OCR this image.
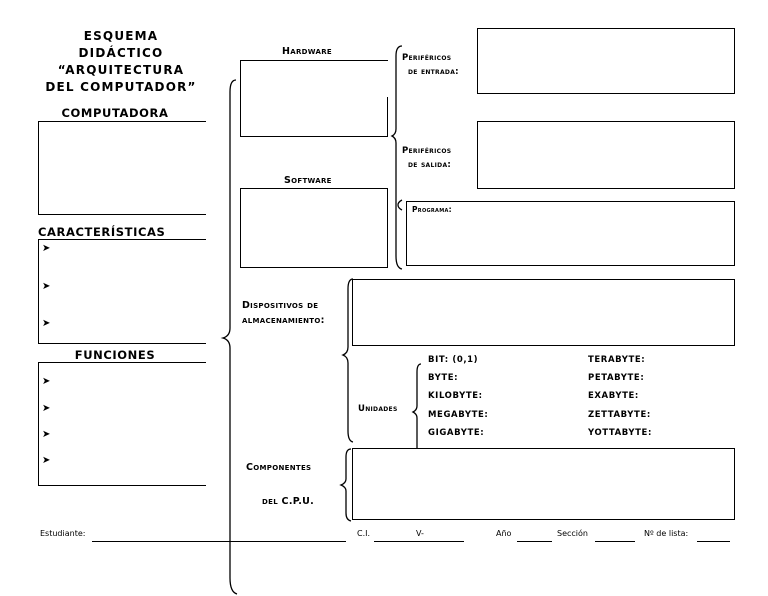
ESQUEMA
DIDÁCTICO
“ARQUITECTURA
DEL COMPUTADOR”
COMPUTADORA
CARACTERÍSTICAS
➤
➤
➤
FUNCIONES
➤
➤
➤
➤
Hardware
Software
Periféricos
de entrada:
Periféricos
de salida:
Programa:
Dispositivos de
almacenamiento:
Unidades
BIT: (0,1)
BYTE:
KILOBYTE:
MEGABYTE:
GIGABYTE:
TERABYTE:
PETABYTE:
EXABYTE:
ZETTABYTE:
YOTTABYTE:
Componentes
del C.P.U.
Estudiante:	C.I.	V-	Año	Sección	Nº de lista:
